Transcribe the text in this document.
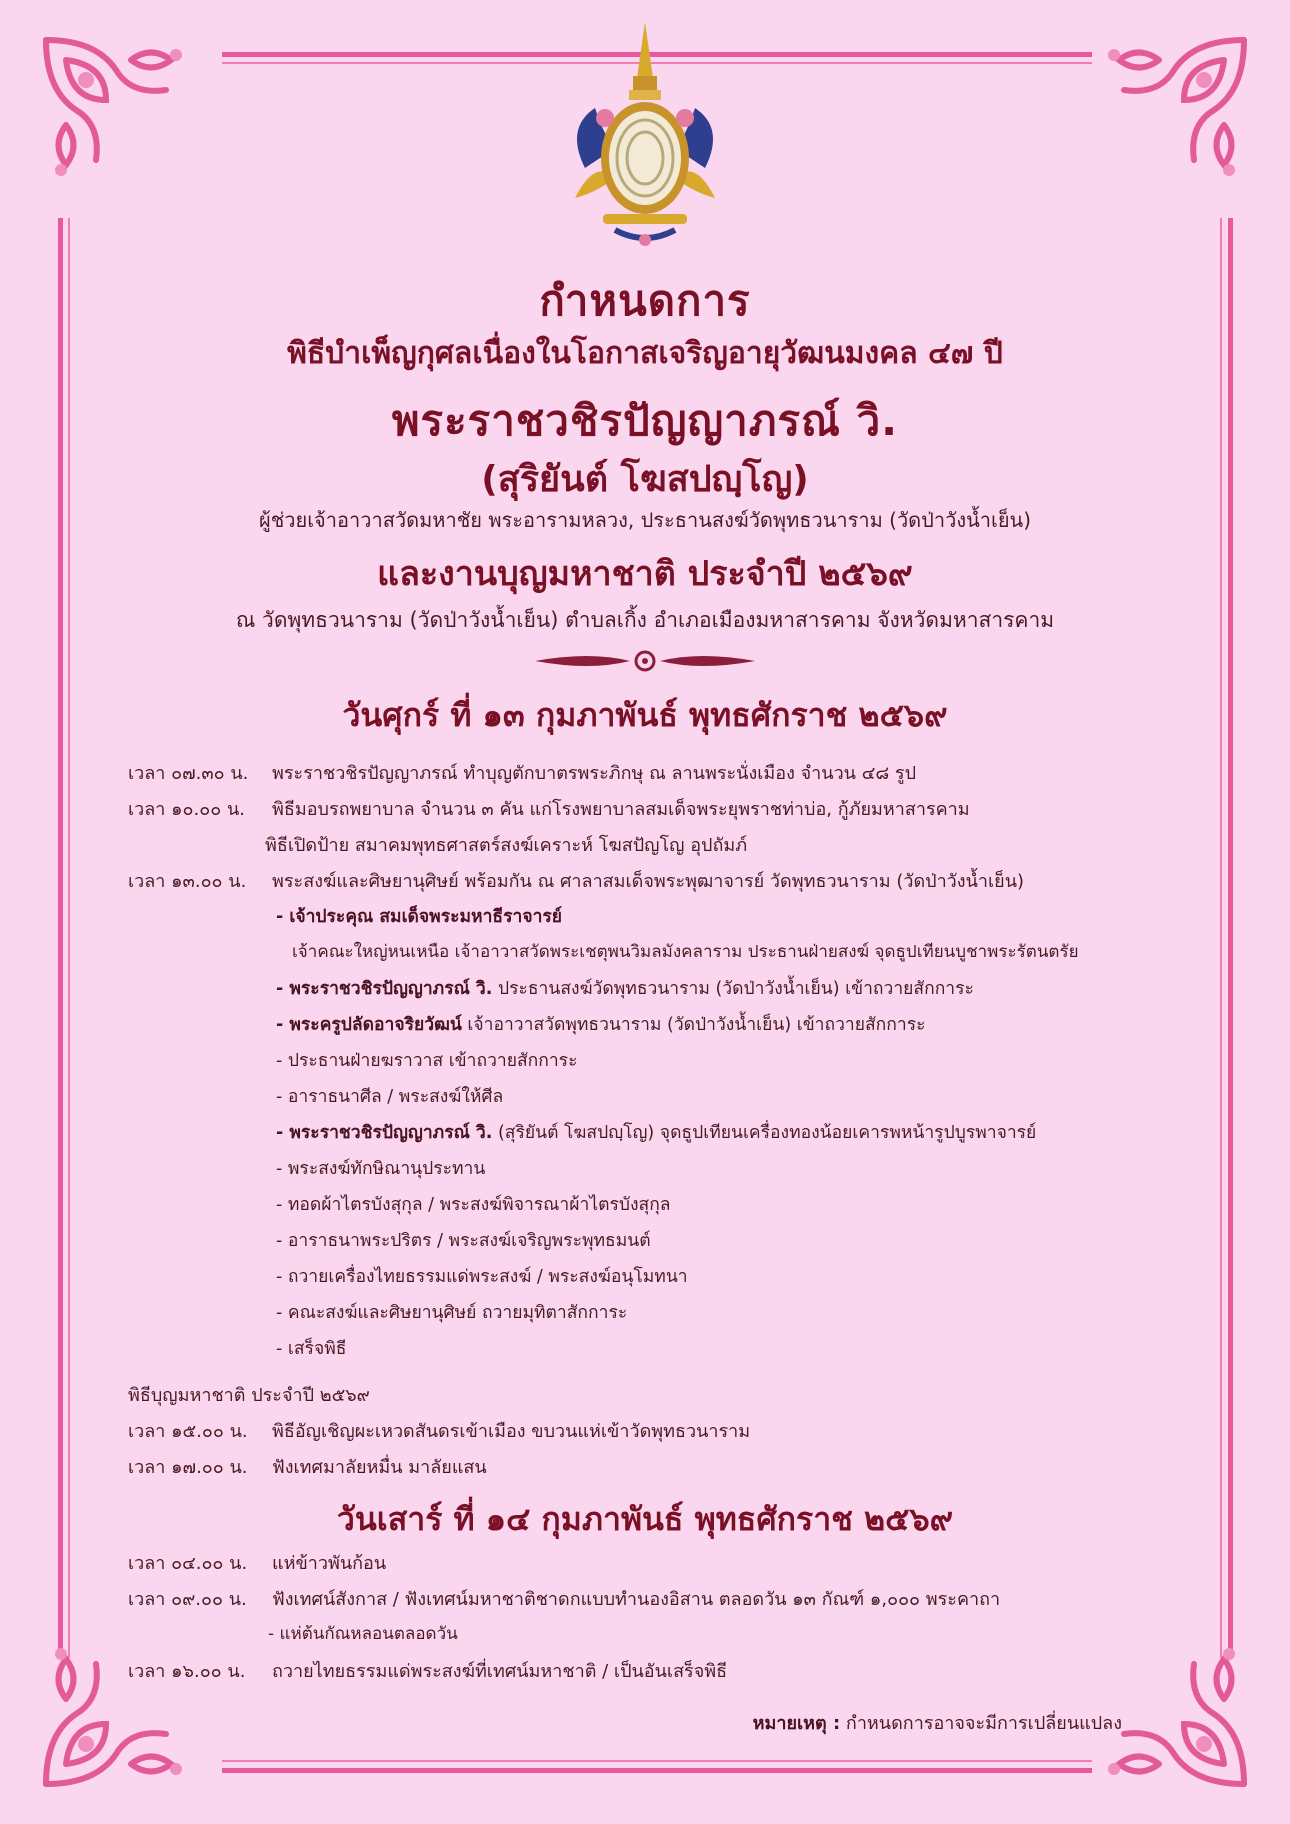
กำหนดการ
พิธีบำเพ็ญกุศลเนื่องในโอกาสเจริญอายุวัฒนมงคล ๔๗ ปี
พระราชวชิรปัญญาภรณ์ วิ.
(สุริยันต์ โฆสปญฺโญ)

ผู้ช่วยเจ้าอาวาสวัดมหาชัย พระอารามหลวง, ประธานสงฆ์วัดพุทธวนาราม (วัดป่าวังน้ำเย็น)

และงานบุญมหาชาติ ประจำปี ๒๕๖๙

ณ วัดพุทธวนาราม (วัดป่าวังน้ำเย็น) ตำบลเกิ้ง อำเภอเมืองมหาสารคาม จังหวัดมหาสารคาม

วันศุกร์ ที่ ๑๓ กุมภาพันธ์ พุทธศักราช ๒๕๖๙
เวลา ๐๗.๓๐ น. พระราชวชิรปัญญาภรณ์ ทำบุญตักบาตรพระภิกษุ ณ ลานพระนั่งเมือง จำนวน ๔๘ รูป
เวลา ๑๐.๐๐ น. พิธีมอบรถพยาบาล จำนวน ๓ คัน แก่โรงพยาบาลสมเด็จพระยุพราชท่าบ่อ, กู้ภัยมหาสารคาม
พิธีเปิดป้าย สมาคมพุทธศาสตร์สงฆ์เคราะห์ โฆสปัญโญ อุปถัมภ์
เวลา ๑๓.๐๐ น. พระสงฆ์และศิษยานุศิษย์ พร้อมกัน ณ ศาลาสมเด็จพระพุฒาจารย์ วัดพุทธวนาราม (วัดป่าวังน้ำเย็น)
- เจ้าประคุณ สมเด็จพระมหาธีราจารย์
เจ้าคณะใหญ่หนเหนือ เจ้าอาวาสวัดพระเชตุพนวิมลมังคลาราม ประธานฝ่ายสงฆ์ จุดธูปเทียนบูชาพระรัตนตรัย
- พระราชวชิรปัญญาภรณ์ วิ. ประธานสงฆ์วัดพุทธวนาราม (วัดป่าวังน้ำเย็น) เข้าถวายสักการะ
- พระครูปลัดอาจริยวัฒน์ เจ้าอาวาสวัดพุทธวนาราม (วัดป่าวังน้ำเย็น) เข้าถวายสักการะ
- ประธานฝ่ายฆราวาส เข้าถวายสักการะ
- อาราธนาศีล / พระสงฆ์ให้ศีล
- พระราชวชิรปัญญาภรณ์ วิ. (สุริยันต์ โฆสปญฺโญ) จุดธูปเทียนเครื่องทองน้อยเคารพหน้ารูปบูรพาจารย์
- พระสงฆ์ทักษิณานุประทาน
- ทอดผ้าไตรบังสุกุล / พระสงฆ์พิจารณาผ้าไตรบังสุกุล
- อาราธนาพระปริตร / พระสงฆ์เจริญพระพุทธมนต์
- ถวายเครื่องไทยธรรมแด่พระสงฆ์ / พระสงฆ์อนุโมทนา
- คณะสงฆ์และศิษยานุศิษย์ ถวายมุทิตาสักการะ
- เสร็จพิธี
พิธีบุญมหาชาติ ประจำปี ๒๕๖๙
เวลา ๑๕.๐๐ น. พิธีอัญเชิญผะเหวดสันดรเข้าเมือง ขบวนแห่เข้าวัดพุทธวนาราม
เวลา ๑๗.๐๐ น. ฟังเทศมาลัยหมื่น มาลัยแสน
วันเสาร์ ที่ ๑๔ กุมภาพันธ์ พุทธศักราช ๒๕๖๙
เวลา ๐๔.๐๐ น. แห่ข้าวพันก้อน
เวลา ๐๙.๐๐ น. ฟังเทศน์สังกาส / ฟังเทศน์มหาชาติชาดกแบบทำนองอิสาน ตลอดวัน ๑๓ กัณฑ์ ๑,๐๐๐ พระคาถา
- แห่ต้นกัณหลอนตลอดวัน
เวลา ๑๖.๐๐ น. ถวายไทยธรรมแด่พระสงฆ์ที่เทศน์มหาชาติ / เป็นอันเสร็จพิธี
หมายเหตุ : กำหนดการอาจจะมีการเปลี่ยนแปลง
